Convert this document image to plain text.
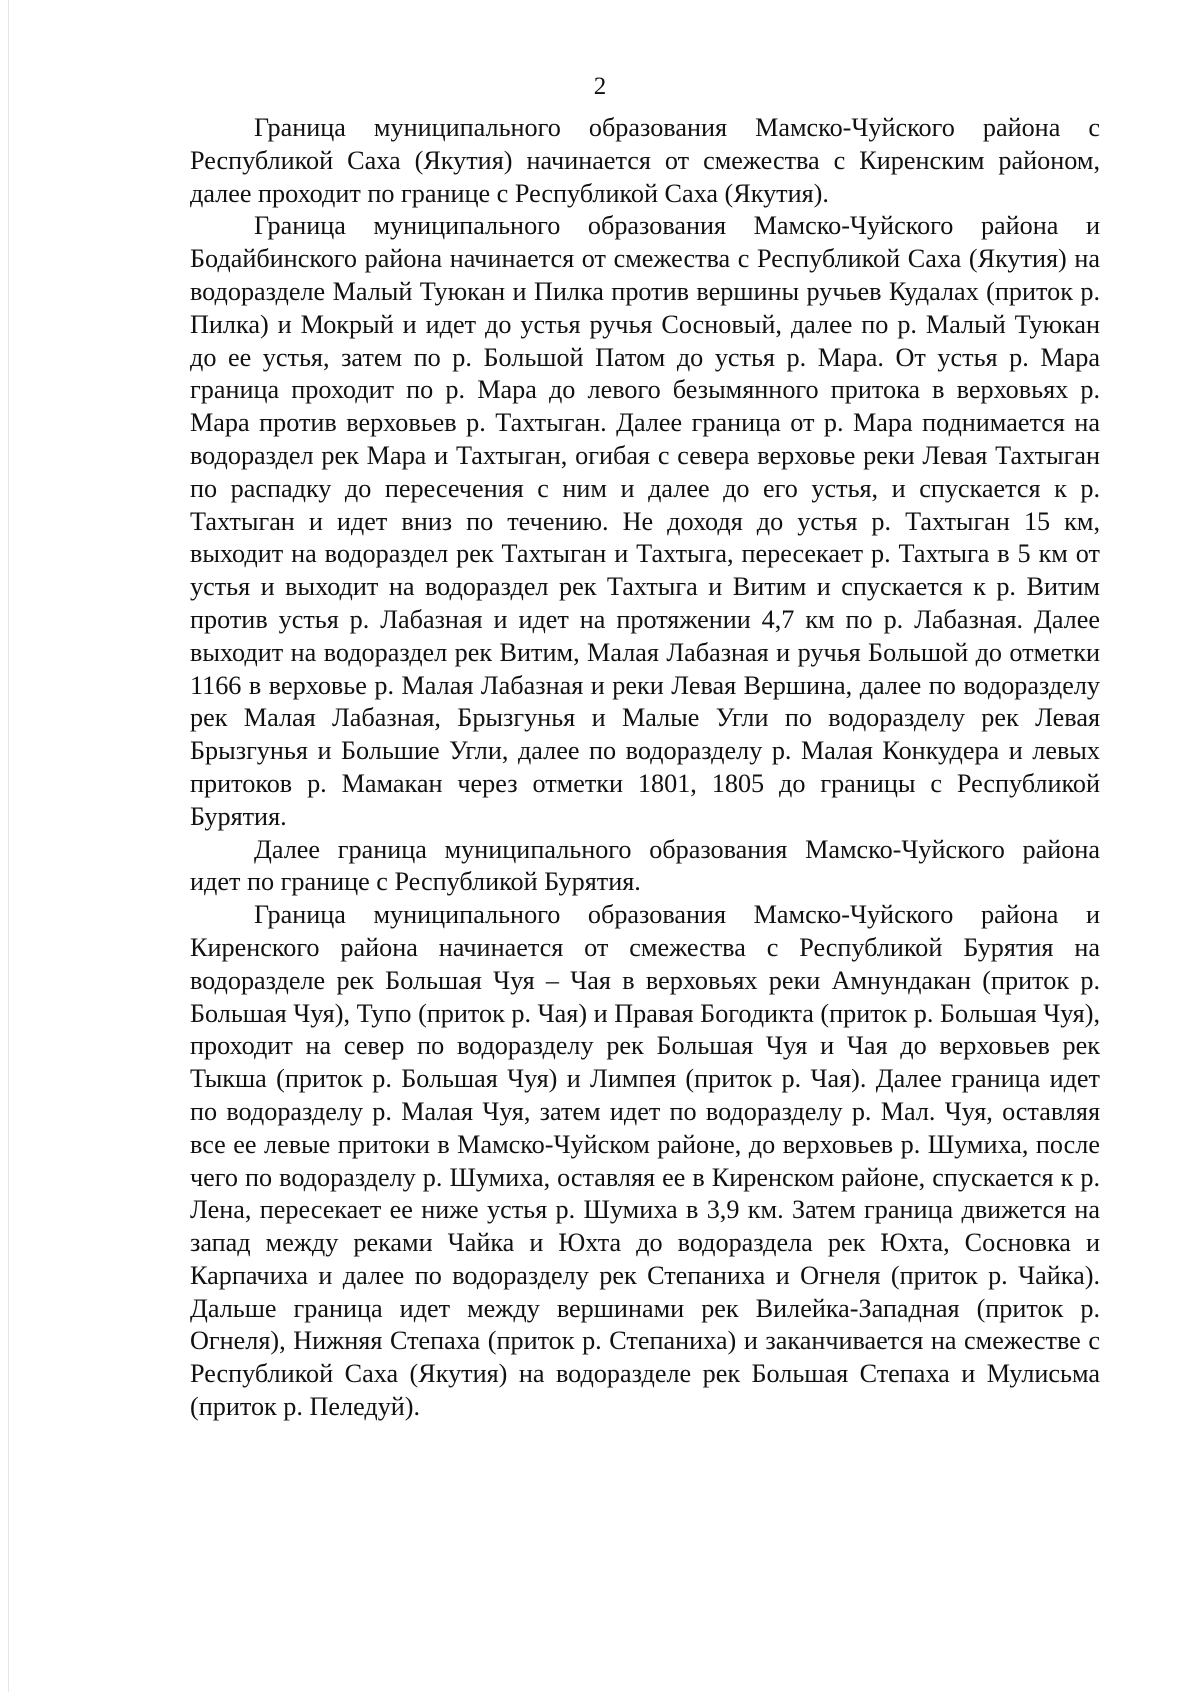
2

Граница муниципального образования Мамско-Чуйского района с Республикой Саха (Якутия) начинается от смежества с Киренским районом, далее проходит по границе с Республикой Саха (Якутия).

Граница муниципального образования Мамско-Чуйского района и Бодайбинского района начинается от смежества с Республикой Саха (Якутия) на водоразделе Малый Туюкан и Пилка против вершины ручьев Кудалах (приток р. Пилка) и Мокрый и идет до устья ручья Сосновый, далее по р. Малый Туюкан до ее устья, затем по р. Большой Патом до устья р. Мара. От устья р. Мара граница проходит по р. Мара до левого безымянного притока в верховьях р. Мара против верховьев р. Тахтыган. Далее граница от р. Мара поднимается на водораздел рек Мара и Тахтыган, огибая с севера верховье реки Левая Тахтыган по распадку до пересечения с ним и далее до его устья, и спускается к р. Тахтыган и идет вниз по течению. Не доходя до устья р. Тахтыган 15 км, выходит на водораздел рек Тахтыган и Тахтыга, пересекает р. Тахтыга в 5 км от устья и выходит на водораздел рек Тахтыга и Витим и спускается к р. Витим против устья р. Лабазная и идет на протяжении 4,7 км по р. Лабазная. Далее выходит на водораздел рек Витим, Малая Лабазная и ручья Большой до отметки 1166 в верховье р. Малая Лабазная и реки Левая Вершина, далее по водоразделу рек Малая Лабазная, Брызгунья и Малые Угли по водоразделу рек Левая Брызгунья и Большие Угли, далее по водоразделу р. Малая Конкудера и левых притоков р. Мамакан через отметки 1801, 1805 до границы с Республикой Бурятия.

Далее граница муниципального образования Мамско-Чуйского района идет по границе с Республикой Бурятия.

Граница муниципального образования Мамско-Чуйского района и Киренского района начинается от смежества с Республикой Бурятия на водоразделе рек Большая Чуя – Чая в верховьях реки Амнундакан (приток р. Большая Чуя), Тупо (приток р. Чая) и Правая Богодикта (приток р. Большая Чуя), проходит на север по водоразделу рек Большая Чуя и Чая до верховьев рек Тыкша (приток р. Большая Чуя) и Лимпея (приток р. Чая). Далее граница идет по водоразделу р. Малая Чуя, затем идет по водоразделу р. Мал. Чуя, оставляя все ее левые притоки в Мамско-Чуйском районе, до верховьев р. Шумиха, после чего по водоразделу р. Шумиха, оставляя ее в Киренском районе, спускается к р. Лена, пересекает ее ниже устья р. Шумиха в 3,9 км. Затем граница движется на запад между реками Чайка и Юхта до водораздела рек Юхта, Сосновка и Карпачиха и далее по водоразделу рек Степаниха и Огнеля (приток р. Чайка). Дальше граница идет между вершинами рек Вилейка-Западная (приток р. Огнеля), Нижняя Степаха (приток р. Степаниха) и заканчивается на смежестве с Республикой Саха (Якутия) на водоразделе рек Большая Степаха и Мулисьма (приток р. Пеледуй).
